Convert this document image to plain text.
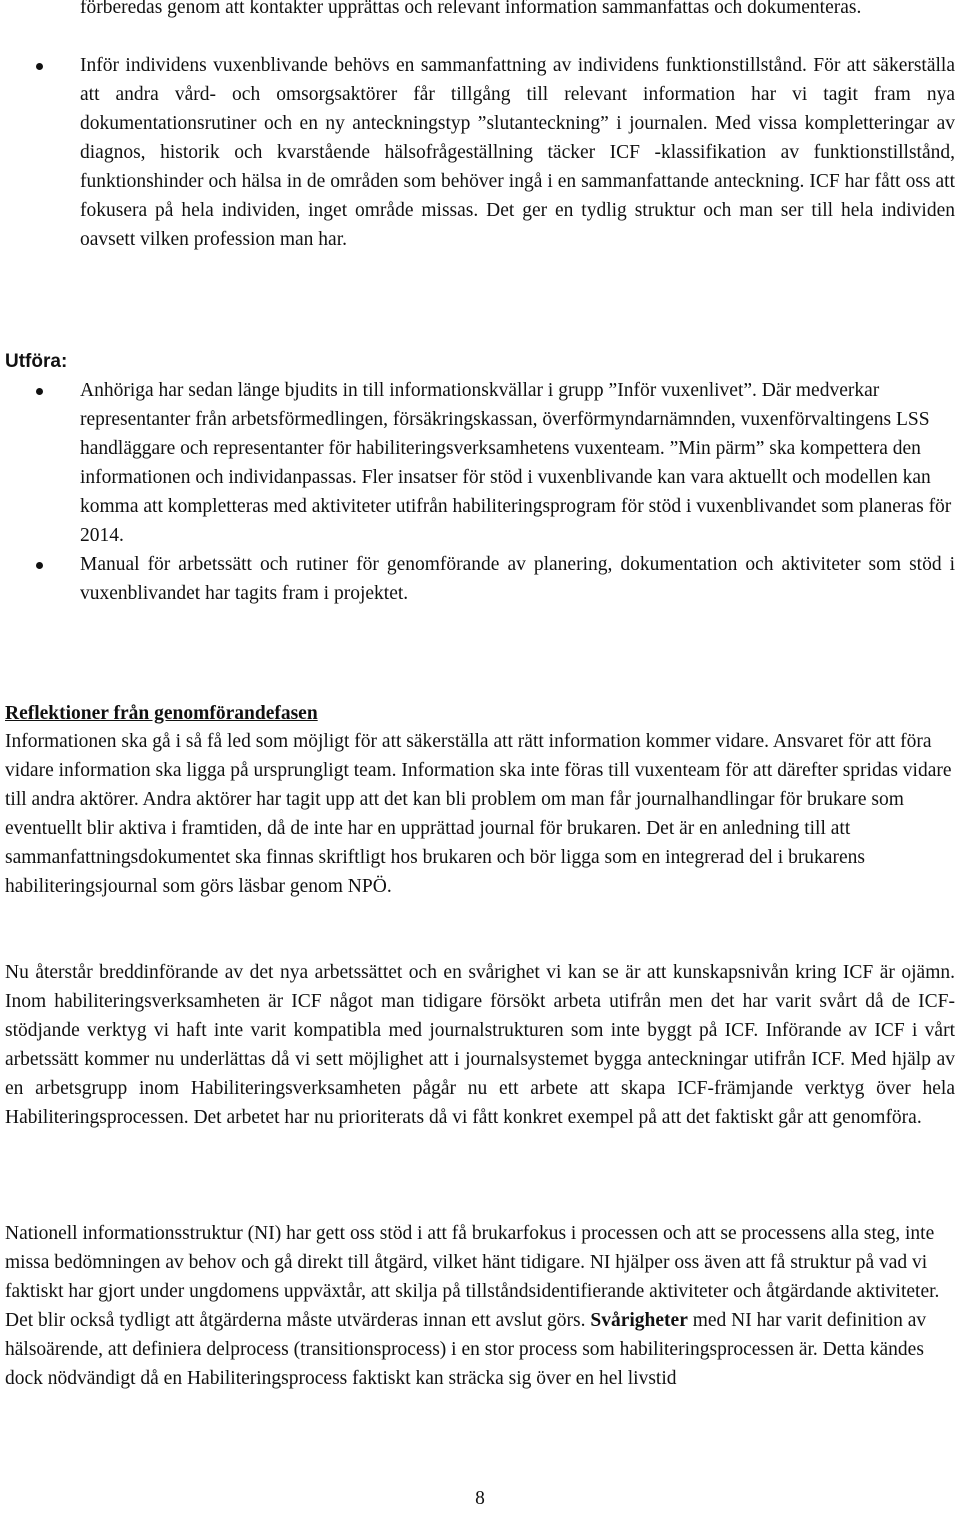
förberedas genom att kontakter upprättas och relevant information sammanfattas och dokumenteras.
Inför individens vuxenblivande behövs en sammanfattning av individens funktionstillstånd. För att säkerställa att andra vård- och omsorgsaktörer får tillgång till relevant information har vi tagit fram nya dokumentationsrutiner och en ny anteckningstyp ”slutanteckning” i journalen. Med vissa kompletteringar av diagnos, historik och kvarstående hälsofrågeställning täcker ICF -klassifikation av funktionstillstånd, funktionshinder och hälsa in de områden som behöver ingå i en sammanfattande anteckning. ICF har fått oss att fokusera på hela individen, inget område missas. Det ger en tydlig struktur och man ser till hela individen oavsett vilken profession man har.
Utföra:
Anhöriga har sedan länge bjudits in till informationskvällar i grupp ”Inför vuxenlivet”. Där medverkar representanter från arbetsförmedlingen, försäkringskassan, överförmyndarnämnden, vuxenförvaltingens LSS handläggare och representanter för habiliteringsverksamhetens vuxenteam. ”Min pärm” ska kompettera den informationen och individanpassas. Fler insatser för stöd i vuxenblivande kan vara aktuellt och modellen kan komma att kompletteras med aktiviteter utifrån habiliteringsprogram för stöd i vuxenblivandet som planeras för 2014.
Manual för arbetssätt och rutiner för genomförande av planering, dokumentation och aktiviteter som stöd i vuxenblivandet har tagits fram i projektet.
Reflektioner från genomförandefasen
Informationen ska gå i så få led som möjligt för att säkerställa att rätt information kommer vidare. Ansvaret för att föra vidare information ska ligga på ursprungligt team. Information ska inte föras till vuxenteam för att därefter spridas vidare till andra aktörer. Andra aktörer har tagit upp att det kan bli problem om man får journalhandlingar för brukare som eventuellt blir aktiva i framtiden, då de inte har en upprättad journal för brukaren. Det är en anledning till att sammanfattningsdokumentet ska finnas skriftligt hos brukaren och bör ligga som en integrerad del i brukarens habiliteringsjournal som görs läsbar genom NPÖ.
Nu återstår breddinförande av det nya arbetssättet och en svårighet vi kan se är att kunskapsnivån kring ICF är ojämn. Inom habiliteringsverksamheten är ICF något man tidigare försökt arbeta utifrån men det har varit svårt då de ICF-stödjande verktyg vi haft inte varit kompatibla med journalstrukturen som inte byggt på ICF. Införande av ICF i vårt arbetssätt kommer nu underlättas då vi sett möjlighet att i journalsystemet bygga anteckningar utifrån ICF. Med hjälp av en arbetsgrupp inom Habiliteringsverksamheten pågår nu ett arbete att skapa ICF-främjande verktyg över hela Habiliteringsprocessen. Det arbetet har nu prioriterats då vi fått konkret exempel på att det faktiskt går att genomföra.
Nationell informationsstruktur (NI) har gett oss stöd i att få brukarfokus i processen och att se processens alla steg, inte missa bedömningen av behov och gå direkt till åtgärd, vilket hänt tidigare. NI hjälper oss även att få struktur på vad vi faktiskt har gjort under ungdomens uppväxtår, att skilja på tillståndsidentifierande aktiviteter och åtgärdande aktiviteter. Det blir också tydligt att åtgärderna måste utvärderas innan ett avslut görs. Svårigheter med NI har varit definition av hälsoärende, att definiera delprocess (transitionsprocess) i en stor process som habiliteringsprocessen är. Detta kändes dock nödvändigt då en Habiliteringsprocess faktiskt kan sträcka sig över en hel livstid
8
